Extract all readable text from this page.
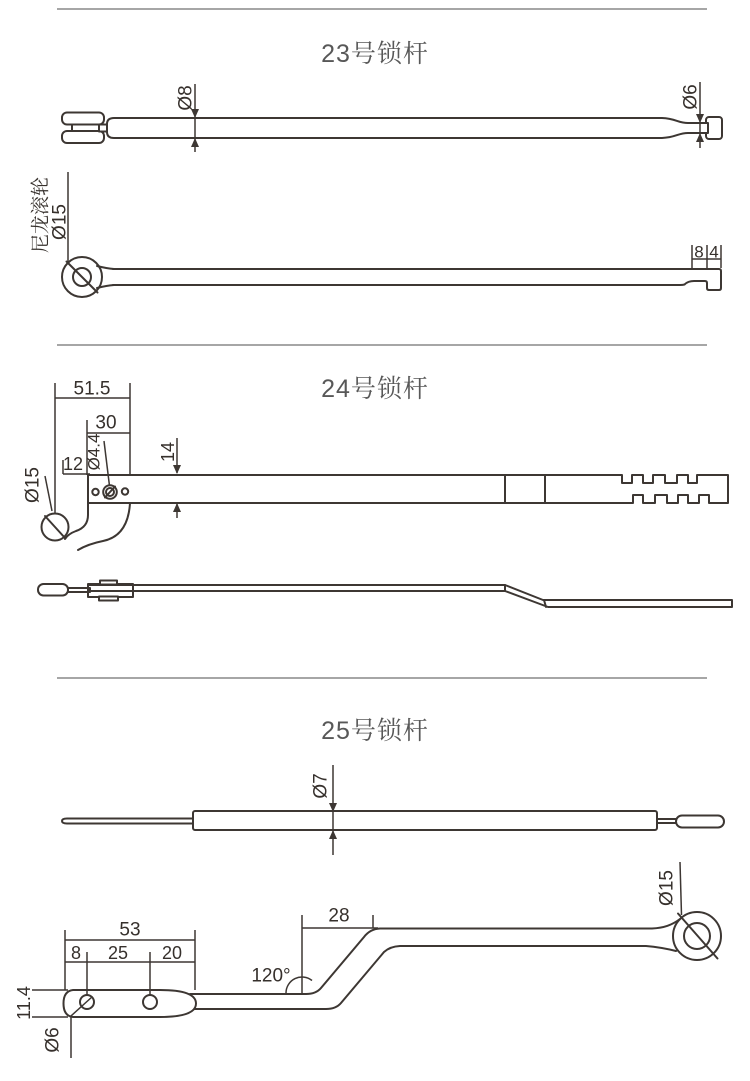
23号锁杆
24号锁杆
25号锁杆
Ø8	Ø6
尼龙滚轮
Ø15
8 4
51.5
30
Ø4.4
12
14
Ø15
Ø7
53
8 25 20
11.4
Ø6
28
120°
Ø15
